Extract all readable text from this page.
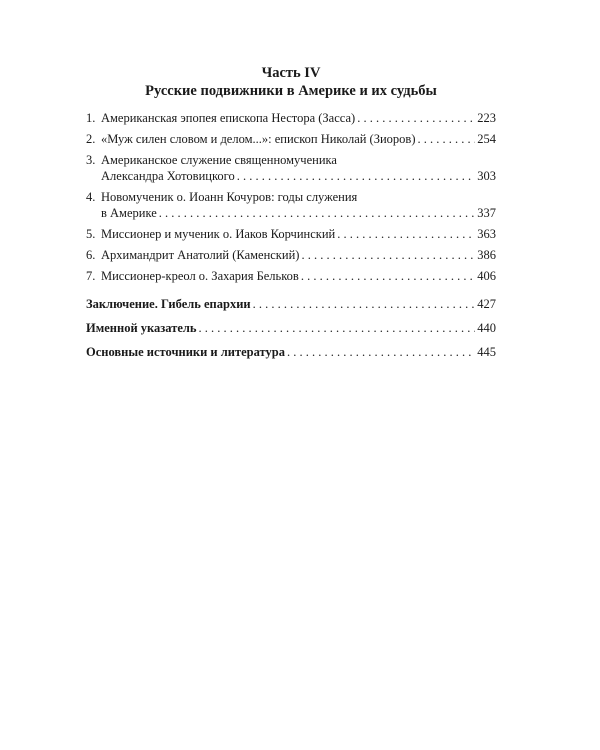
Часть IV
Русские подвижники в Америке и их судьбы
1. Американская эпопея епископа Нестора (Засса) . . .	223
2. «Муж силен словом и делом...»: епископ Николай (Зиоров) . . .	254
3. Американское служение священномученика
Александра Хотовицкого . . .	303
4. Новомученик о. Иоанн Кочуров: годы служения
в Америке . . .	337
5. Миссионер и мученик о. Иаков Корчинский . . .	363
6. Архимандрит Анатолий (Каменский) . . .	386
7. Миссионер-креол о. Захария Бельков . . .	406
Заключение. Гибель епархии . . .	427
Именной указатель . . .	440
Основные источники и литература . . .	445
